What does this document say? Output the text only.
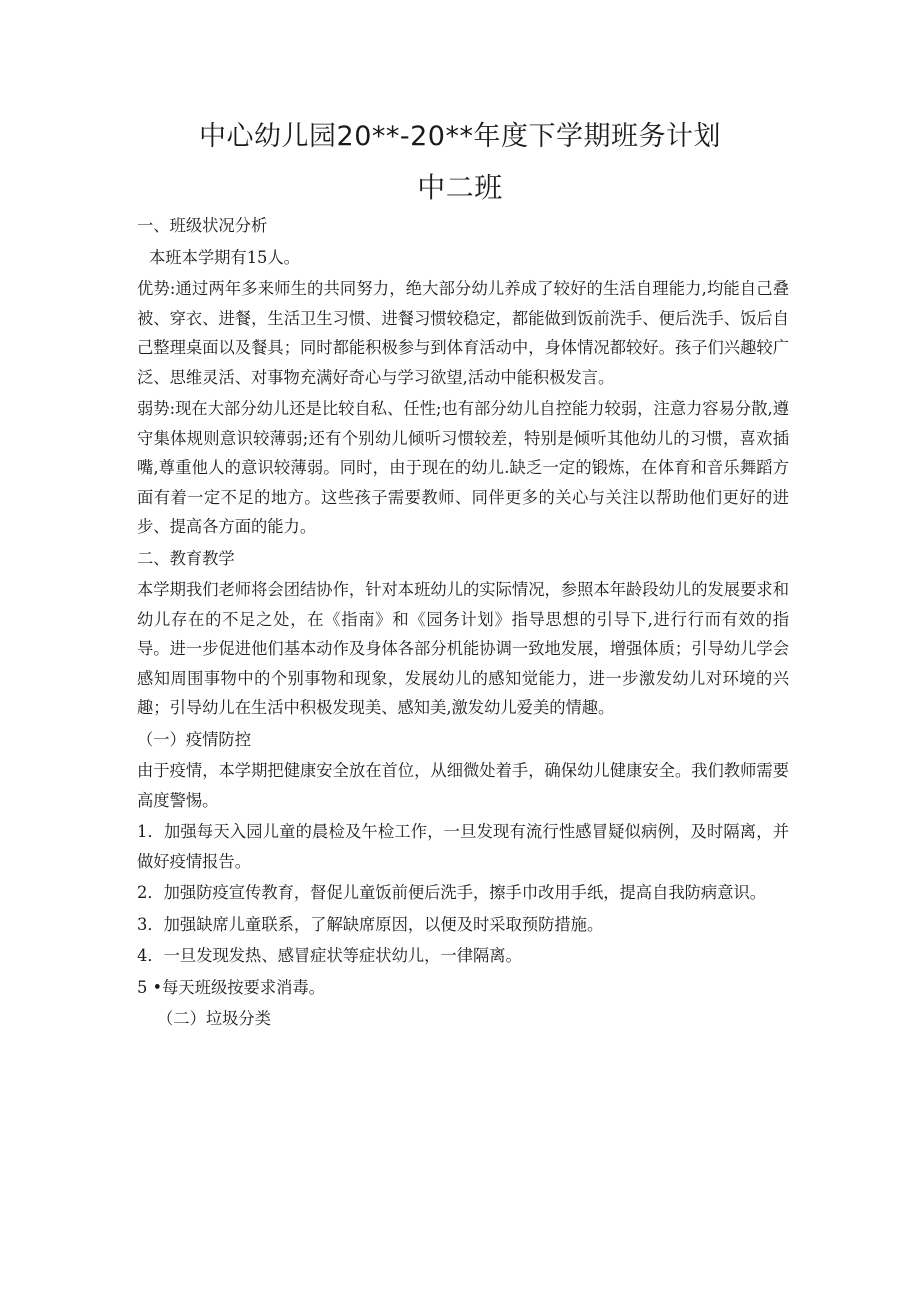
中心幼儿园20**-20**年度下学期班务计划
中二班

一、班级状况分析

本班本学期有15人。

优势:通过两年多来师生的共同努力，绝大部分幼儿养成了较好的生活自理能力,均能自己叠被、穿衣、进餐，生活卫生习惯、进餐习惯较稳定，都能做到饭前洗手、便后洗手、饭后自己整理桌面以及餐具；同时都能积极参与到体育活动中，身体情况都较好。孩子们兴趣较广泛、思维灵活、对事物充满好奇心与学习欲望,活动中能积极发言。

弱势:现在大部分幼儿还是比较自私、任性;也有部分幼儿自控能力较弱，注意力容易分散,遵守集体规则意识较薄弱;还有个别幼儿倾听习惯较差，特别是倾听其他幼儿的习惯，喜欢插嘴,尊重他人的意识较薄弱。同时，由于现在的幼儿.缺乏一定的锻炼，在体育和音乐舞蹈方面有着一定不足的地方。这些孩子需要教师、同伴更多的关心与关注以帮助他们更好的进步、提高各方面的能力。

二、教育教学

本学期我们老师将会团结协作，针对本班幼儿的实际情况，参照本年龄段幼儿的发展要求和幼儿存在的不足之处，在《指南》和《园务计划》指导思想的引导下,进行行而有效的指导。进一步促进他们基本动作及身体各部分机能协调一致地发展，增强体质；引导幼儿学会感知周围事物中的个别事物和现象，发展幼儿的感知觉能力，进一步激发幼儿对环境的兴趣；引导幼儿在生活中积极发现美、感知美,激发幼儿爱美的情趣。

（一）疫情防控

由于疫情，本学期把健康安全放在首位，从细微处着手，确保幼儿健康安全。我们教师需要高度警惕。

1．加强每天入园儿童的晨检及午检工作，一旦发现有流行性感冒疑似病例，及时隔离，并做好疫情报告。

2．加强防疫宣传教育，督促儿童饭前便后洗手，擦手巾改用手纸，提高自我防病意识。

3．加强缺席儿童联系，了解缺席原因，以便及时采取预防措施。

4．一旦发现发热、感冒症状等症状幼儿，一律隔离。

5 •每天班级按要求消毒。

（二）垃圾分类
